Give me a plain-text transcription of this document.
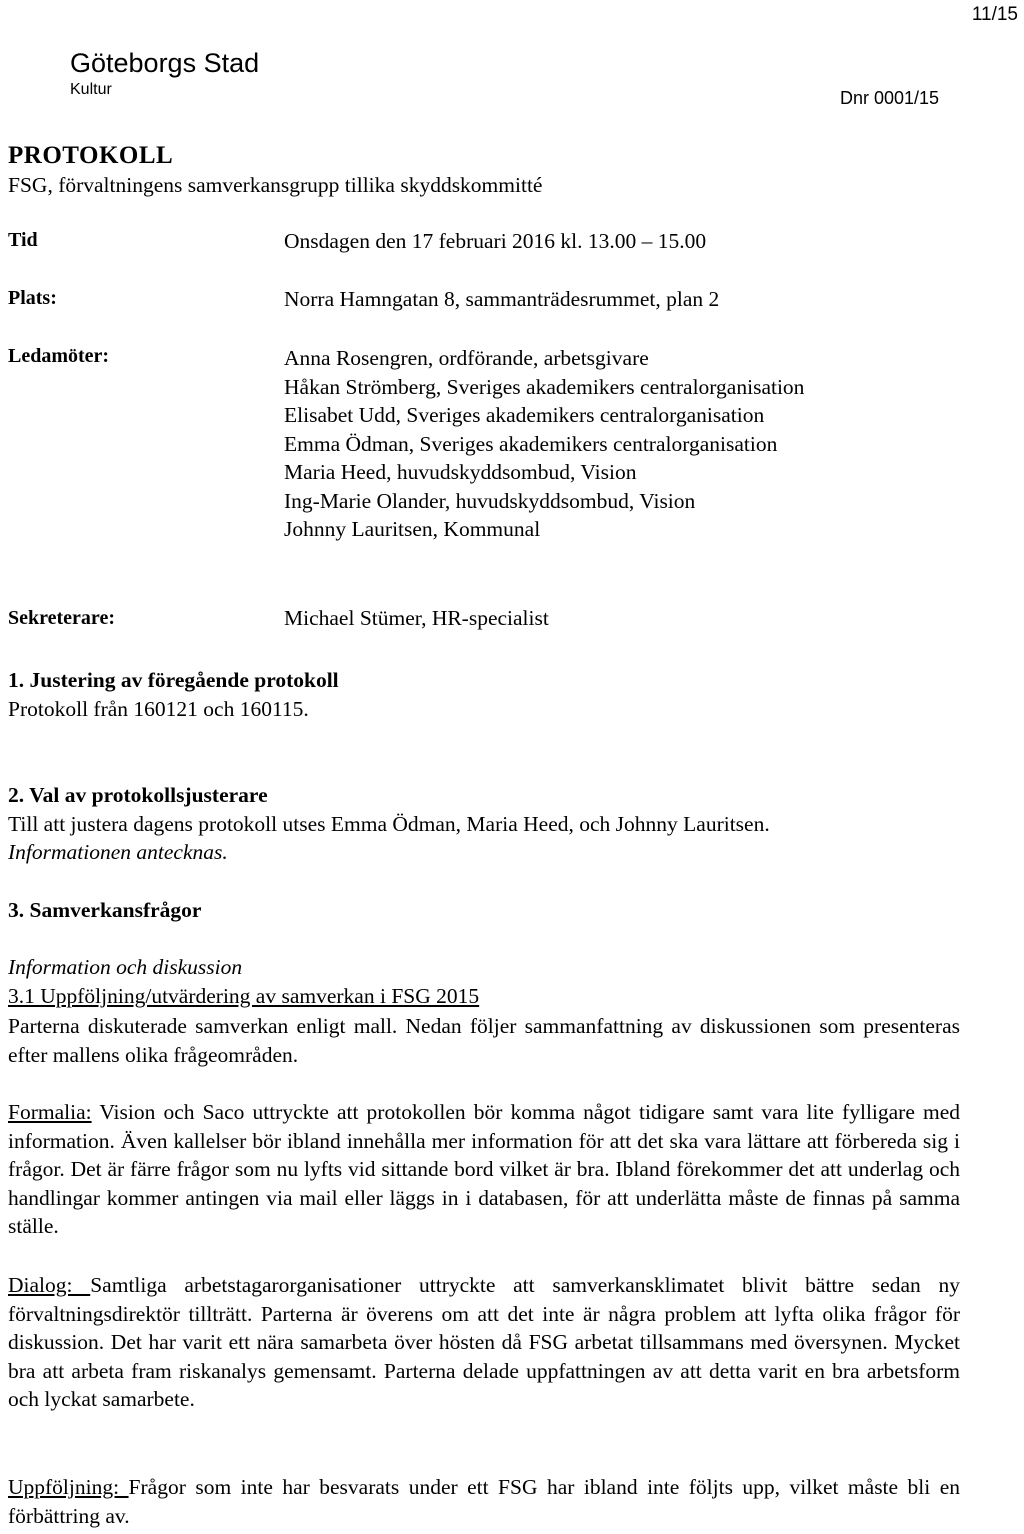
11/15
Göteborgs Stad
Kultur	Dnr 0001/15
PROTOKOLL
FSG, förvaltningens samverkansgrupp tillika skyddskommitté
Tid	Onsdagen den 17 februari 2016 kl. 13.00 – 15.00
Plats:	Norra Hamngatan 8, sammanträdesrummet, plan 2
Ledamöter:	Anna Rosengren, ordförande, arbetsgivare
Håkan Strömberg, Sveriges akademikers centralorganisation
Elisabet Udd, Sveriges akademikers centralorganisation
Emma Ödman, Sveriges akademikers centralorganisation
Maria Heed, huvudskyddsombud, Vision
Ing-Marie Olander, huvudskyddsombud, Vision
Johnny Lauritsen, Kommunal
Sekreterare:	Michael Stümer, HR-specialist
1. Justering av föregående protokoll
Protokoll från 160121 och 160115.
2. Val av protokollsjusterare
Till att justera dagens protokoll utses Emma Ödman, Maria Heed, och Johnny Lauritsen.
Informationen antecknas.
3. Samverkansfrågor
Information och diskussion
3.1 Uppföljning/utvärdering av samverkan i FSG 2015
Parterna diskuterade samverkan enligt mall. Nedan följer sammanfattning av diskussionen som presenteras efter mallens olika frågeområden.
Formalia: Vision och Saco uttryckte att protokollen bör komma något tidigare samt vara lite fylligare med information. Även kallelser bör ibland innehålla mer information för att det ska vara lättare att förbereda sig i frågor. Det är färre frågor som nu lyfts vid sittande bord vilket är bra. Ibland förekommer det att underlag och handlingar kommer antingen via mail eller läggs in i databasen, för att underlätta måste de finnas på samma ställe.
Dialog: Samtliga arbetstagarorganisationer uttryckte att samverkansklimatet blivit bättre sedan ny förvaltningsdirektör tillträtt. Parterna är överens om att det inte är några problem att lyfta olika frågor för diskussion. Det har varit ett nära samarbeta över hösten då FSG arbetat tillsammans med översynen. Mycket bra att arbeta fram riskanalys gemensamt. Parterna delade uppfattningen av att detta varit en bra arbetsform och lyckat samarbete.
Uppföljning: Frågor som inte har besvarats under ett FSG har ibland inte följts upp, vilket måste bli en förbättring av.
